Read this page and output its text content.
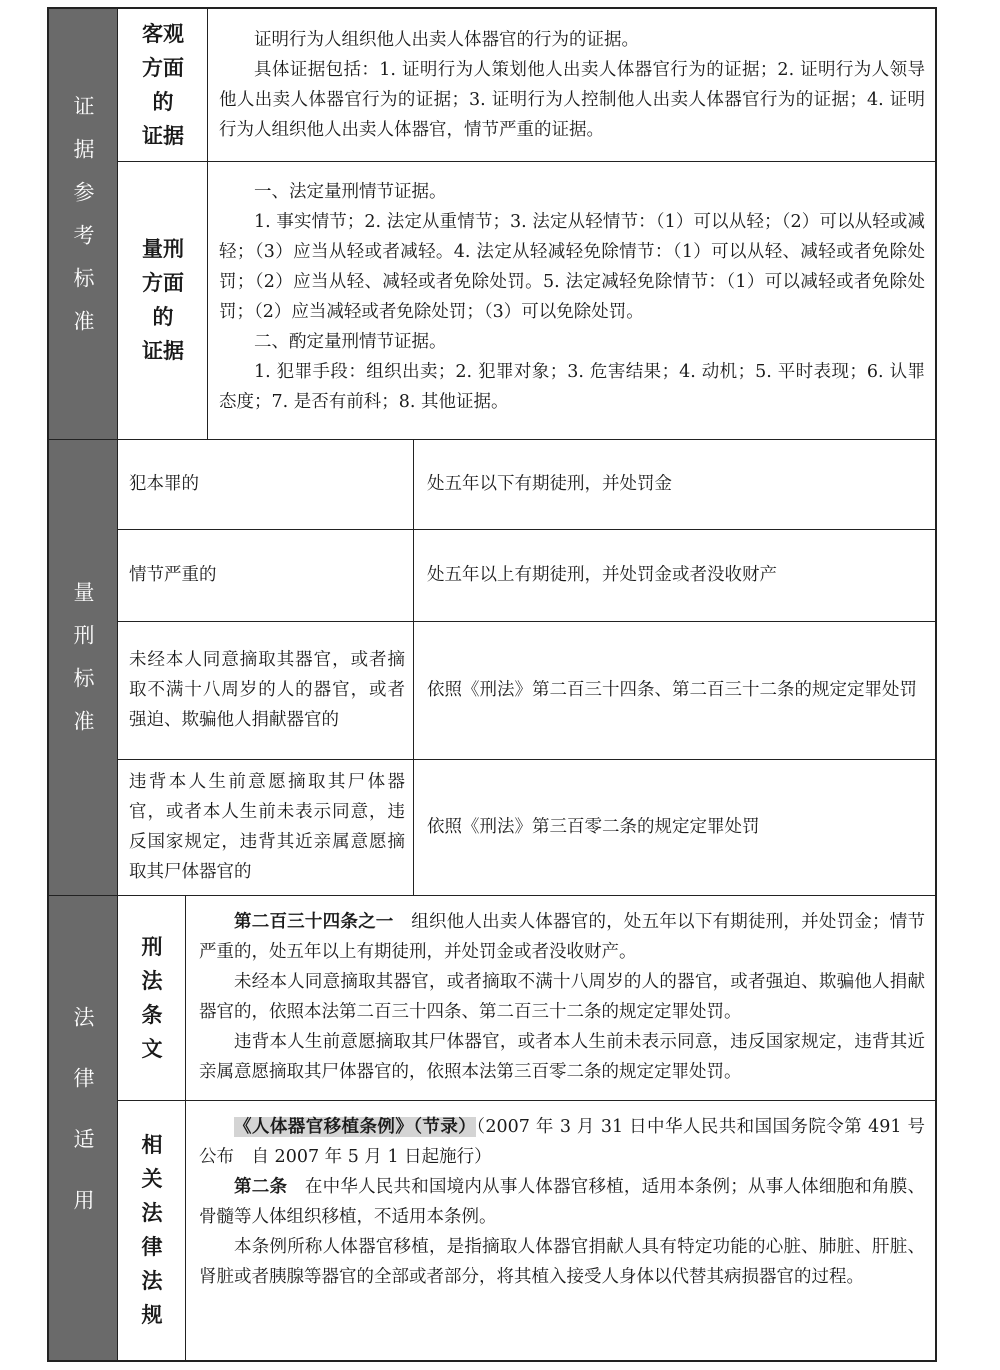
证据参考标准
量刑标准
法律适用
客观
方面
的
证据

证明行为人组织他人出卖人体器官的行为的证据。

具体证据包括：1. 证明行为人策划他人出卖人体器官行为的证据；2. 证明行为人领导他人出卖人体器官行为的证据；3. 证明行为人控制他人出卖人体器官行为的证据；4. 证明行为人组织他人出卖人体器官，情节严重的证据。

量刑
方面
的
证据

一、法定量刑情节证据。

1. 事实情节；2. 法定从重情节；3. 法定从轻情节：（1）可以从轻；（2）可以从轻或减轻；（3）应当从轻或者减轻。4. 法定从轻减轻免除情节：（1）可以从轻、减轻或者免除处罚；（2）应当从轻、减轻或者免除处罚。5. 法定减轻免除情节：（1）可以减轻或者免除处罚；（2）应当减轻或者免除处罚；（3）可以免除处罚。

二、酌定量刑情节证据。

1. 犯罪手段：组织出卖；2. 犯罪对象；3. 危害结果；4. 动机；5. 平时表现；6. 认罪态度；7. 是否有前科；8. 其他证据。

犯本罪的	处五年以下有期徒刑，并处罚金
情节严重的	处五年以上有期徒刑，并处罚金或者没收财产
未经本人同意摘取其器官，或者摘取不满十八周岁的人的器官，或者强迫、欺骗他人捐献器官的
依照《刑法》第二百三十四条、第二百三十二条的规定定罪处罚
违背本人生前意愿摘取其尸体器官，或者本人生前未表示同意，违反国家规定，违背其近亲属意愿摘取其尸体器官的
依照《刑法》第三百零二条的规定定罪处罚
刑
法
条
文

第二百三十四条之一　组织他人出卖人体器官的，处五年以下有期徒刑，并处罚金；情节严重的，处五年以上有期徒刑，并处罚金或者没收财产。

未经本人同意摘取其器官，或者摘取不满十八周岁的人的器官，或者强迫、欺骗他人捐献器官的，依照本法第二百三十四条、第二百三十二条的规定定罪处罚。

违背本人生前意愿摘取其尸体器官，或者本人生前未表示同意，违反国家规定，违背其近亲属意愿摘取其尸体器官的，依照本法第三百零二条的规定定罪处罚。

相
关
法
律
法
规

《人体器官移植条例》（节录）（2007 年 3 月 31 日中华人民共和国国务院令第 491 号公布　自 2007 年 5 月 1 日起施行）

第二条　在中华人民共和国境内从事人体器官移植，适用本条例；从事人体细胞和角膜、骨髓等人体组织移植，不适用本条例。

本条例所称人体器官移植，是指摘取人体器官捐献人具有特定功能的心脏、肺脏、肝脏、肾脏或者胰腺等器官的全部或者部分，将其植入接受人身体以代替其病损器官的过程。
